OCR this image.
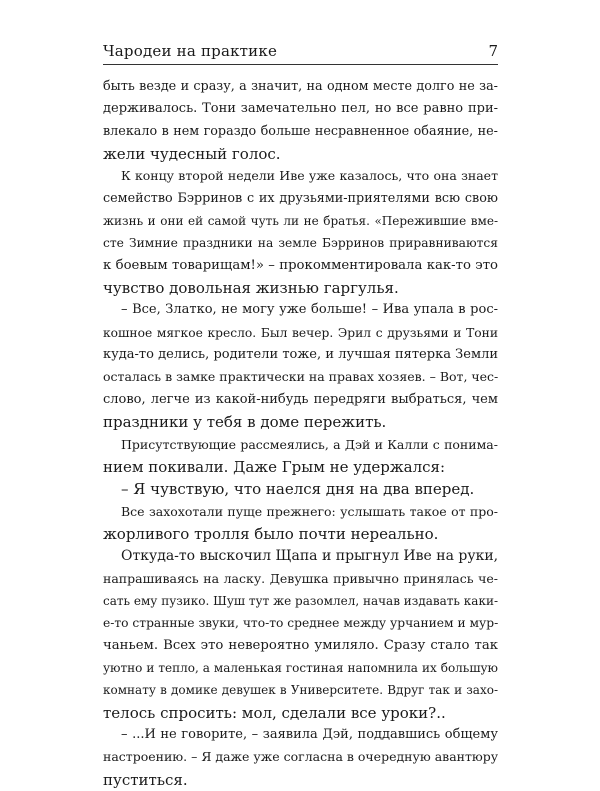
Чародеи на практике	7
быть везде и сразу, а значит, на одном месте долго не за-
держивалось. Тони замечательно пел, но все равно при-
влекало в нем гораздо больше несравненное обаяние, не-
жели чудесный голос.
К концу второй недели Иве уже казалось, что она знает
семейство Бэрринов с их друзьями-приятелями всю свою
жизнь и они ей самой чуть ли не братья. «Пережившие вме-
сте Зимние праздники на земле Бэрринов приравниваются
к боевым товарищам!» – прокомментировала как-то это
чувство довольная жизнью гаргулья.
– Все, Златко, не могу уже больше! – Ива упала в рос-
кошное мягкое кресло. Был вечер. Эрил с друзьями и Тони
куда-то делись, родители тоже, и лучшая пятерка Земли
осталась в замке практически на правах хозяев. – Вот, чес-
слово, легче из какой-нибудь передряги выбраться, чем
праздники у тебя в доме пережить.
Присутствующие рассмеялись, а Дэй и Калли с понима-
нием покивали. Даже Грым не удержался:
– Я чувствую, что наелся дня на два вперед.
Все захохотали пуще прежнего: услышать такое от про-
жорливого тролля было почти нереально.
Откуда-то выскочил Щапа и прыгнул Иве на руки,
напрашиваясь на ласку. Девушка привычно принялась че-
сать ему пузико. Шуш тут же разомлел, начав издавать каки-
е-то странные звуки, что-то среднее между урчанием и мур-
чаньем. Всех это невероятно умиляло. Сразу стало так
уютно и тепло, а маленькая гостиная напомнила их большую
комнату в домике девушек в Университете. Вдруг так и захо-
телось спросить: мол, сделали все уроки?..
– ...И не говорите, – заявила Дэй, поддавшись общему
настроению. – Я даже уже согласна в очередную авантюру
пуститься.
